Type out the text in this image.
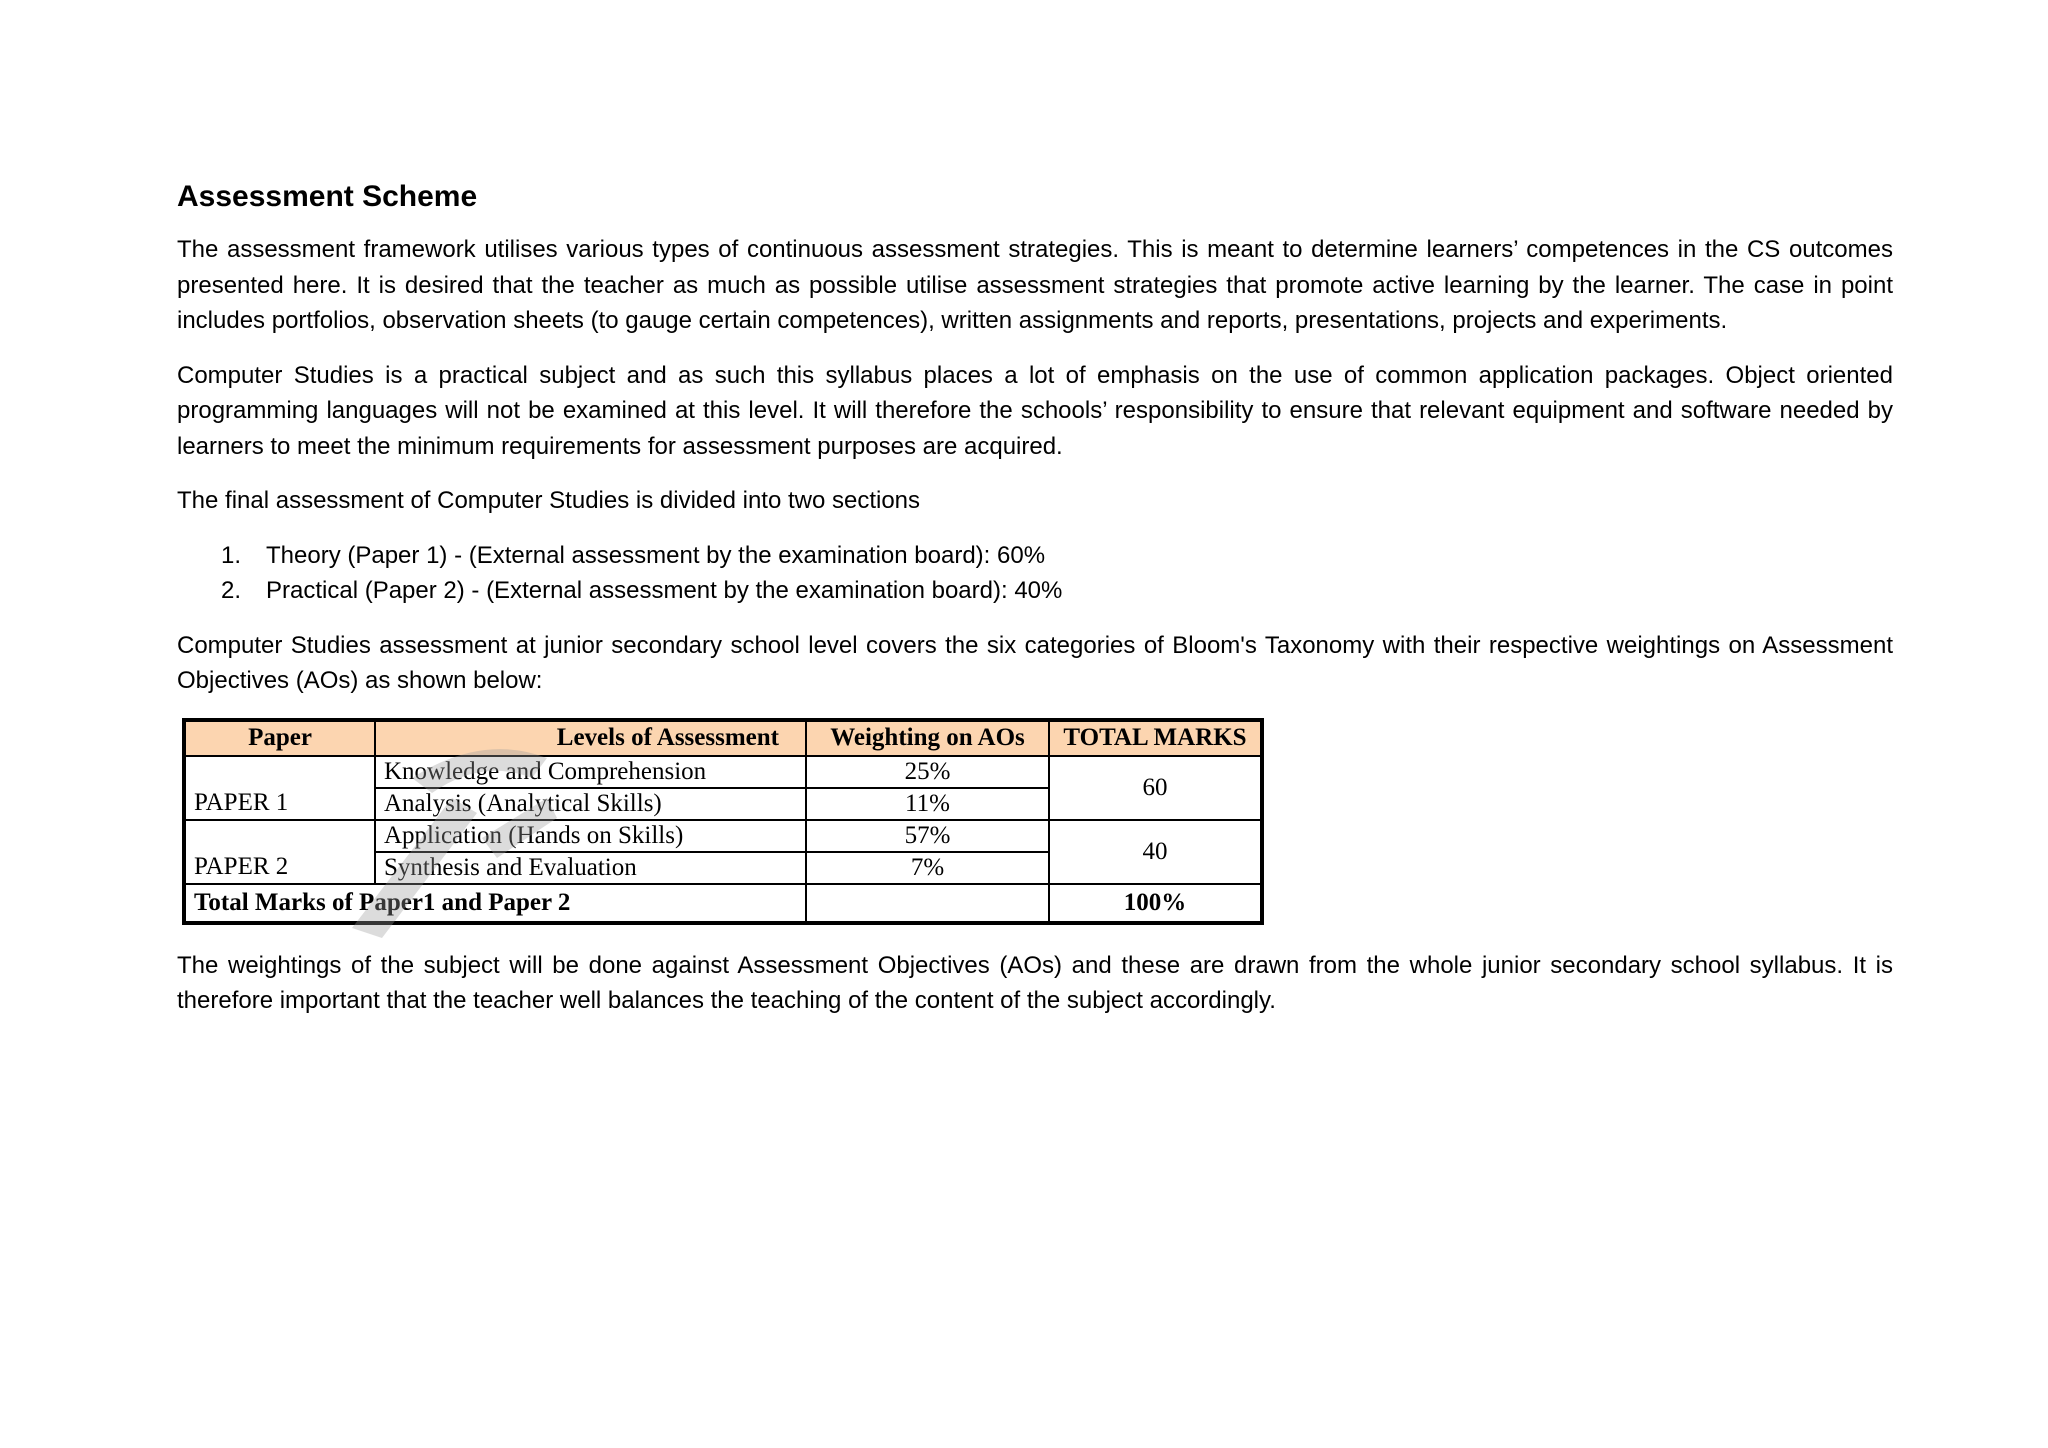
Assessment Scheme

The assessment framework utilises various types of continuous assessment strategies. This is meant to determine learners’ competences in the CS outcomes presented here. It is desired that the teacher as much as possible utilise assessment strategies that promote active learning by the learner. The case in point includes portfolios, observation sheets (to gauge certain competences), written assignments and reports, presentations, projects and experiments.

Computer Studies is a practical subject and as such this syllabus places a lot of emphasis on the use of common application packages. Object oriented programming languages will not be examined at this level. It will therefore the schools’ responsibility to ensure that relevant equipment and software needed by learners to meet the minimum requirements for assessment purposes are acquired.

The final assessment of Computer Studies is divided into two sections

1. Theory (Paper 1) - (External assessment by the examination board): 60%
2. Practical (Paper 2) - (External assessment by the examination board): 40%

Computer Studies assessment at junior secondary school level covers the six categories of Bloom's Taxonomy with their respective weightings on Assessment Objectives (AOs) as shown below:

Paper	Levels of Assessment	Weighting on AOs	TOTAL MARKS
PAPER 1	Knowledge and Comprehension	25%	60
	Analysis (Analytical Skills)	11%	
PAPER 2	Application (Hands on Skills)	57%	40
	Synthesis and Evaluation	7%	
Total Marks of Paper1 and Paper 2			100%

The weightings of the subject will be done against Assessment Objectives (AOs) and these are drawn from the whole junior secondary school syllabus. It is therefore important that the teacher well balances the teaching of the content of the subject accordingly.
